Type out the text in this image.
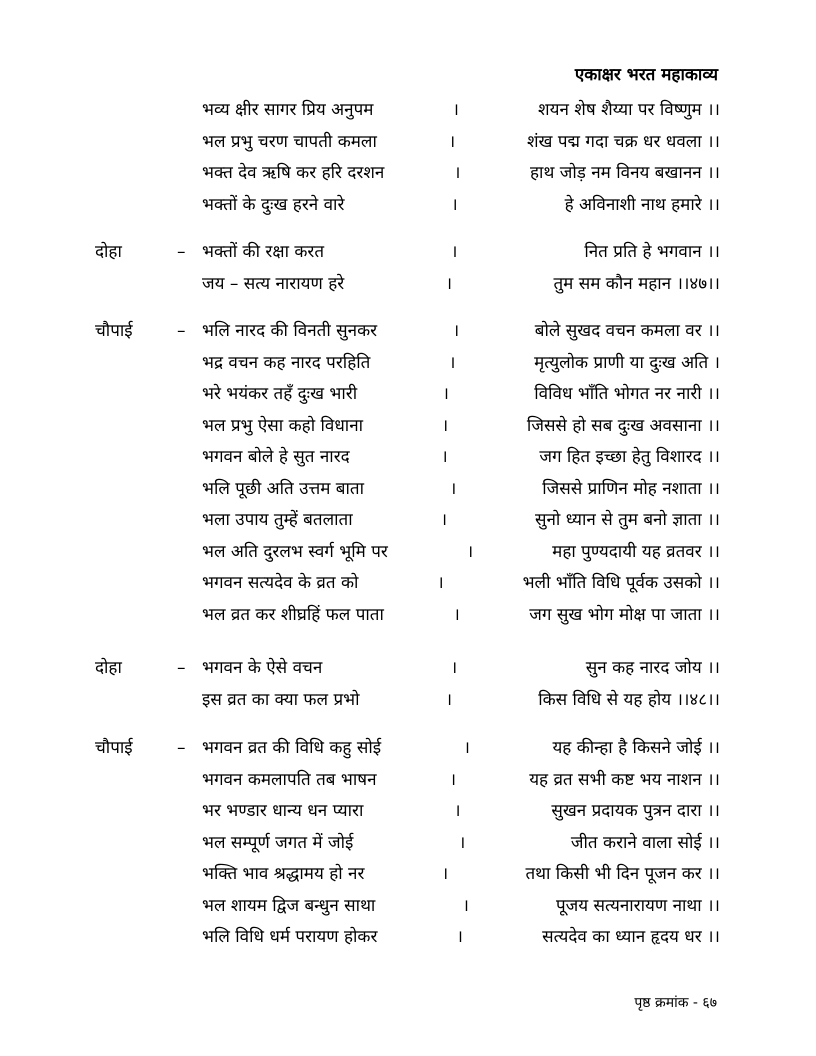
एकाक्षर भरत महाकाव्य
भव्य क्षीर सागर प्रिय अनुपम	।	शयन शेष शैय्या पर विष्णुम ।।
भल प्रभु चरण चापती कमला	।	शंख पद्म गदा चक्र धर धवला ।।
भक्त देव ऋषि कर हरि दरशन	।	हाथ जोड़ नम विनय बखानन ।।
भक्तों के दुःख हरने वारे	।	हे अविनाशी नाथ हमारे ।।
दोहा	– भक्तों की रक्षा करत	।	नित प्रति हे भगवान ।।
जय – सत्य नारायण हरे	।	तुम सम कौन महान ।।४७।।
चौपाई	– भलि नारद की विनती सुनकर	।	बोले सुखद वचन कमला वर ।।
भद्र वचन कह नारद परहिति	।	मृत्युलोक प्राणी या दुःख अति ।
भरे भयंकर तहँ दुःख भारी	।	विविध भाँति भोगत नर नारी ।।
भल प्रभु ऐसा कहो विधाना	।	जिससे हो सब दुःख अवसाना ।।
भगवन बोले हे सुत नारद	।	जग हित इच्छा हेतु विशारद ।।
भलि पूछी अति उत्तम बाता	।	जिससे प्राणिन मोह नशाता ।।
भला उपाय तुम्हें बतलाता	।	सुनो ध्यान से तुम बनो ज्ञाता ।।
भल अति दुरलभ स्वर्ग भूमि पर	।	महा पुण्यदायी यह व्रतवर ।।
भगवन सत्यदेव के व्रत को	।	भली भाँति विधि पूर्वक उसको ।।
भल व्रत कर शीघ्रहिं फल पाता	।	जग सुख भोग मोक्ष पा जाता ।।
दोहा	– भगवन के ऐसे वचन	।	सुन कह नारद जोय ।।
इस व्रत का क्या फल प्रभो	।	किस विधि से यह होय ।।४८।।
चौपाई	– भगवन व्रत की विधि कहु सोई	।	यह कीन्हा है किसने जोई ।।
भगवन कमलापति तब भाषन	।	यह व्रत सभी कष्ट भय नाशन ।।
भर भण्डार धान्य धन प्यारा	।	सुखन प्रदायक पुत्रन दारा ।।
भल सम्पूर्ण जगत में जोई	।	जीत कराने वाला सोई ।।
भक्ति भाव श्रद्धामय हो नर	।	तथा किसी भी दिन पूजन कर ।।
भल शायम द्विज बन्धुन साथा	।	पूजय सत्यनारायण नाथा ।।
भलि विधि धर्म परायण होकर	।	सत्यदेव का ध्यान हृदय धर ।।
पृष्ठ क्रमांक - ६७
